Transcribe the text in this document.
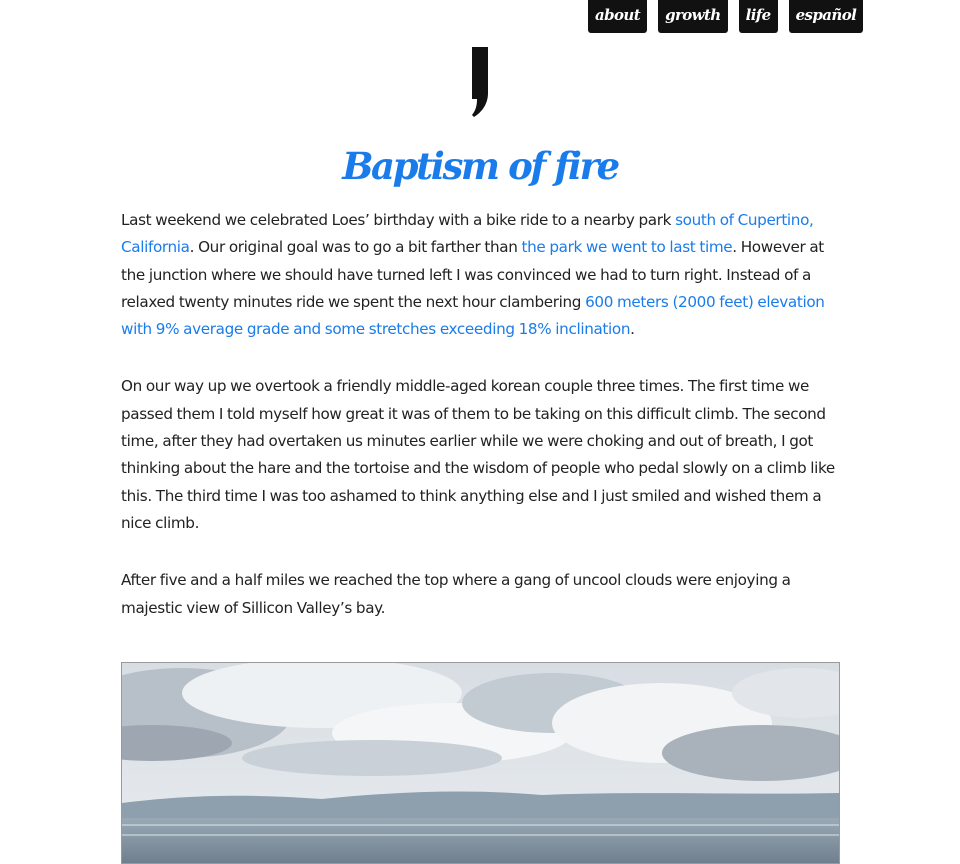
about	growth	life	español
Baptism of fire

Last weekend we celebrated Loes’ birthday with a bike ride to a nearby park south of Cupertino, California. Our original goal was to go a bit farther than the park we went to last time. However at the junction where we should have turned left I was convinced we had to turn right. Instead of a relaxed twenty minutes ride we spent the next hour clambering 600 meters (2000 feet) elevation with 9% average grade and some stretches exceeding 18% inclination.

On our way up we overtook a friendly middle-aged korean couple three times. The first time we passed them I told myself how great it was of them to be taking on this difficult climb. The second time, after they had overtaken us minutes earlier while we were choking and out of breath, I got thinking about the hare and the tortoise and the wisdom of people who pedal slowly on a climb like this. The third time I was too ashamed to think anything else and I just smiled and wished them a nice climb.

After five and a half miles we reached the top where a gang of uncool clouds were enjoying a majestic view of Sillicon Valley’s bay.
